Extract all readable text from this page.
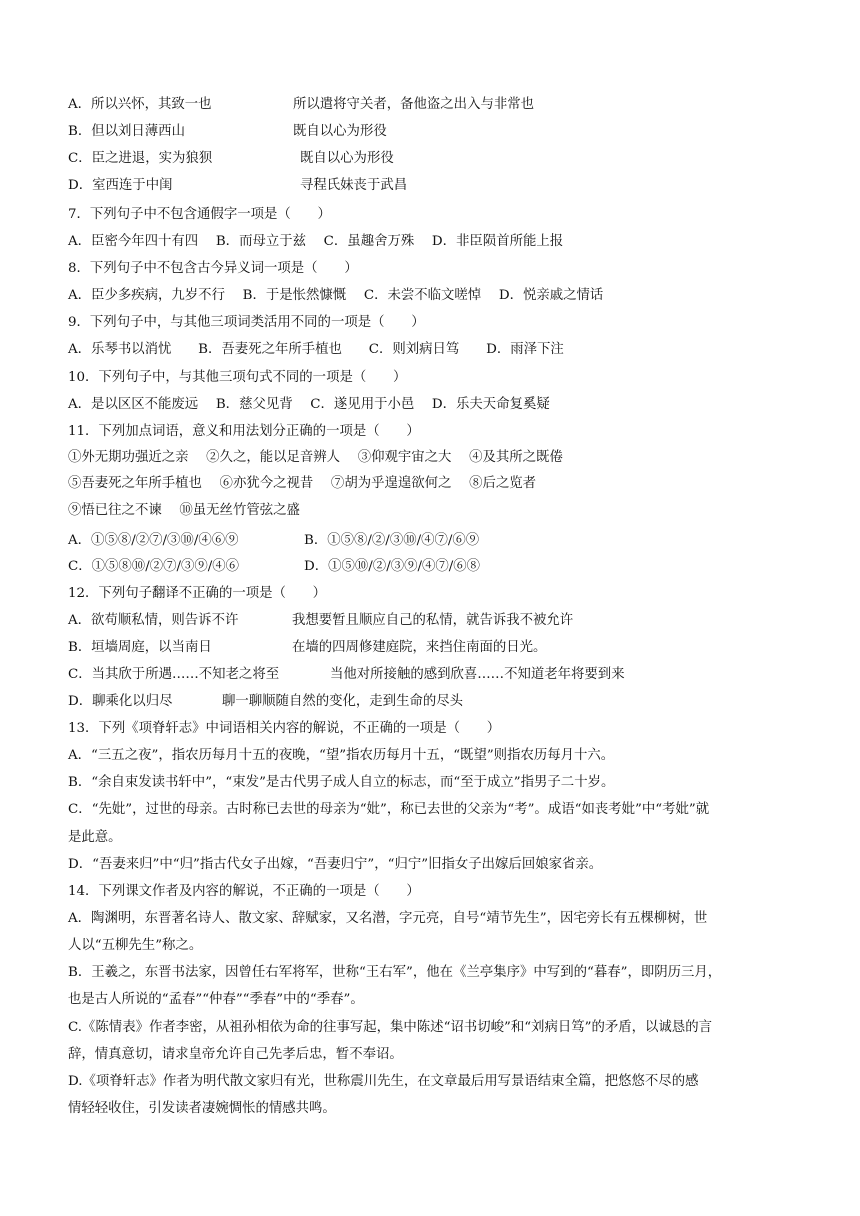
A．所以兴怀，其致一也	所以遣将守关者，备他盗之出入与非常也
B．但以刘日薄西山	既自以心为形役
C．臣之进退，实为狼狈	既自以心为形役
D．室西连于中闺	寻程氏妹丧于武昌
7．下列句子中不包含通假字一项是（　　）
A．臣密今年四十有四　 B．而母立于兹　 C．虽趣舍万殊　 D．非臣陨首所能上报
8．下列句子中不包含古今异义词一项是（　　）
A．臣少多疾病，九岁不行　 B．于是怅然慷慨　 C．未尝不临文嗟悼　 D．悦亲戚之情话
9．下列句子中，与其他三项词类活用不同的一项是（　　）
A．乐琴书以消忧　　B．吾妻死之年所手植也　　C．则刘病日笃　　D．雨泽下注
10．下列句子中，与其他三项句式不同的一项是（　　）
A．是以区区不能废远　 B．慈父见背　 C．遂见用于小邑　 D．乐夫天命复奚疑
11．下列加点词语，意义和用法划分正确的一项是（　　）
①外无期功强近之亲　 ②久之，能以足音辨人　 ③仰观宇宙之大　 ④及其所之既倦
⑤吾妻死之年所手植也　 ⑥亦犹今之视昔　 ⑦胡为乎遑遑欲何之　 ⑧后之览者
⑨悟已往之不谏　 ⑩虽无丝竹管弦之盛
A．①⑤⑧/②⑦/③⑩/④⑥⑨	B．①⑤⑧/②/③⑩/④⑦/⑥⑨
C．①⑤⑧⑩/②⑦/③⑨/④⑥	D．①⑤⑩/②/③⑨/④⑦/⑥⑧
12．下列句子翻译不正确的一项是（　　）
A．欲苟顺私情，则告诉不许	我想要暂且顺应自己的私情，就告诉我不被允许
B．垣墙周庭，以当南日	在墙的四周修建庭院，来挡住南面的日光。
C．当其欣于所遇……不知老之将至	当他对所接触的感到欣喜……不知道老年将要到来
D．聊乘化以归尽	聊一聊顺随自然的变化，走到生命的尽头
13．下列《项脊轩志》中词语相关内容的解说，不正确的一项是（　　）
A．“三五之夜”，指农历每月十五的夜晚，“望”指农历每月十五，“既望”则指农历每月十六。
B．“余自束发读书轩中”，“束发”是古代男子成人自立的标志，而“至于成立”指男子二十岁。
C．“先妣”，过世的母亲。古时称已去世的母亲为“妣”，称已去世的父亲为“考”。成语“如丧考妣”中“考妣”就
是此意。
D．“吾妻来归”中“归”指古代女子出嫁，“吾妻归宁”，“归宁”旧指女子出嫁后回娘家省亲。
14．下列课文作者及内容的解说，不正确的一项是（　　）
A．陶渊明，东晋著名诗人、散文家、辞赋家，又名潜，字元亮，自号“靖节先生”，因宅旁长有五棵柳树，世
人以“五柳先生”称之。
B．王羲之，东晋书法家，因曾任右军将军，世称“王右军”，他在《兰亭集序》中写到的“暮春”，即阴历三月，
也是古人所说的“孟春”“仲春”“季春”中的“季春”。
C.《陈情表》作者李密，从祖孙相依为命的往事写起，集中陈述“诏书切峻”和“刘病日笃”的矛盾，以诚恳的言
辞，情真意切，请求皇帝允许自己先孝后忠，暂不奉诏。
D.《项脊轩志》作者为明代散文家归有光，世称震川先生，在文章最后用写景语结束全篇，把悠悠不尽的感
情轻轻收住，引发读者凄婉惆怅的情感共鸣。
